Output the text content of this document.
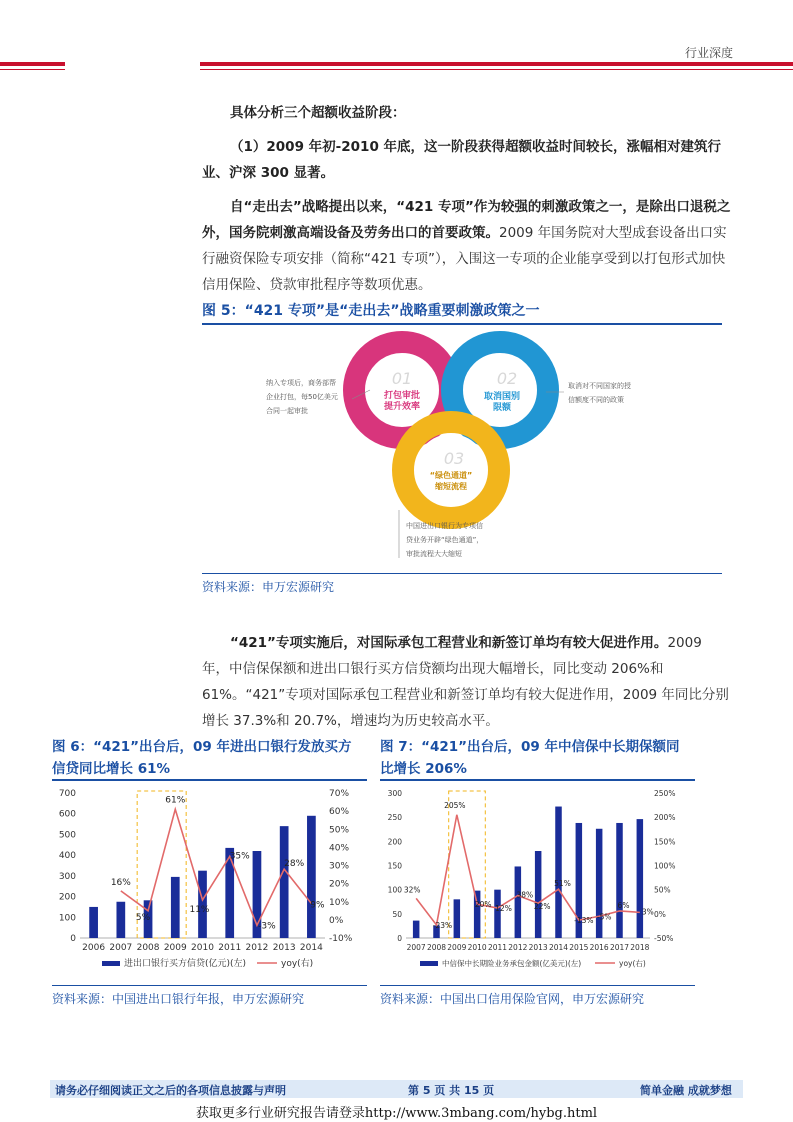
行业深度
具体分析三个超额收益阶段：
（1）2009 年初-2010 年底，这一阶段获得超额收益时间较长，涨幅相对建筑行业、沪深 300 显著。
自“走出去”战略提出以来，“421 专项”作为较强的刺激政策之一，是除出口退税之外，国务院刺激高端设备及劳务出口的首要政策。2009 年国务院对大型成套设备出口实行融资保险专项安排（简称“421 专项”），入围这一专项的企业能享受到以打包形式加快信用保险、贷款审批程序等数项优惠。
图 5：“421 专项”是“走出去”战略重要刺激政策之一
01
打包审批
提升效率
02
取消国别
限额
03
“绿色通道”
缩短流程
纳入专项后，商务部帮
企业打包，每50亿美元
合同一起审批
取消对不同国家的授
信额度不同的政策
中国进出口银行为专项信
贷业务开辟“绿色通道”，
审批流程大大缩短
资料来源：申万宏源研究
“421”专项实施后，对国际承包工程营业和新签订单均有较大促进作用。2009 年，中信保保额和进出口银行买方信贷额均出现大幅增长，同比变动 206%和 61%。“421”专项对国际承包工程营业和新签订单均有较大促进作用，2009 年同比分别增长 37.3%和 20.7%，增速均为历史较高水平。
图 6：“421”出台后，09 年进出口银行发放买方
信贷同比增长 61%
图 7：“421”出台后，09 年中信保中长期保额同
比增长 206%
0
100
200
300
400
500
600
700
-10%
0%
10%
20%
30%
40%
50%
60%
70%
2006 2007 2008 2009 2010 2011 2012 2013 2014
16%
5%
61%
11%
35%
-3%
28%
9%
进出口银行买方信贷(亿元)(左)	yoy(右)
0
50
100
150
200
250
300
-50%
0%
50%
100%
150%
200%
250%
2007 2008 2009 2010 2011 2012 2013 2014 2015 2016 2017 2018
32%
-23%
205%
20% 12%
38%
22%
51%
-13% -5%
6%
3%
中信保中长期险业务承包金额(亿美元)(左)	yoy(右)
资料来源：中国进出口银行年报，申万宏源研究	资料来源：中国出口信用保险官网，申万宏源研究
请务必仔细阅读正文之后的各项信息披露与声明	第 5 页 共 15 页	简单金融 成就梦想
获取更多行业研究报告请登录http://www.3mbang.com/hybg.html
